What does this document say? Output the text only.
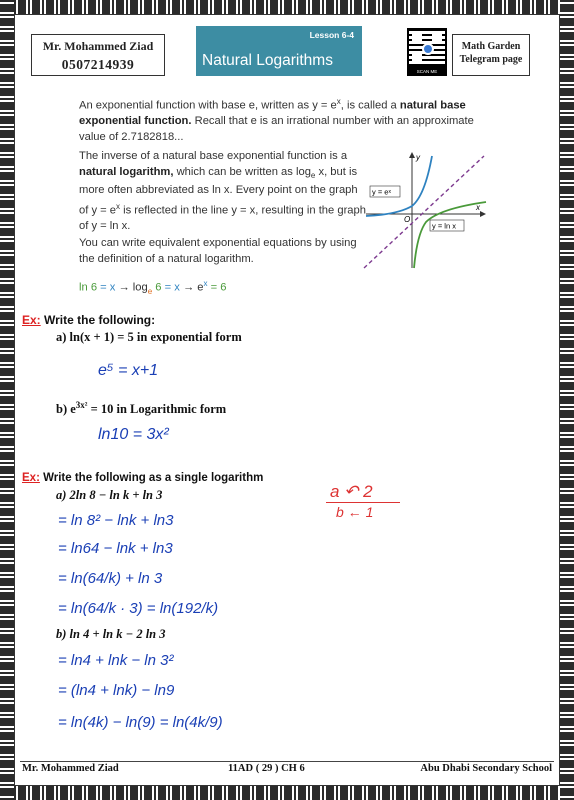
Mr. Mohammed Ziad
0507214939
Lesson 6-4
Natural Logarithms
SCAN ME
Math Garden
Telegram page
An exponential function with base e, written as $y = e^x$, is called a natural base exponential function. Recall that e is an irrational number with an approximate value of 2.7182818...
The inverse of a natural base exponential function is a natural logarithm, which can be written as $\log_e x$, but is more often abbreviated as ln x. Every point on the graph of $y = e^x$ is reflected in the line y = x, resulting in the graph of y = ln x.
You can write equivalent exponential equations by using the definition of a natural logarithm.
$\ln 6 = x \to \log_e 6 = x \to e^x = 6$
y = eˣ
y = ln x
y
x
O
Ex: Write the following:
a) ln(x + 1) = 5 in exponential form
e⁵ = x+1
b) $e^{3x^2} = 10$ in Logarithmic form
ln10 = 3x²
Ex: Write the following as a single logarithm
a) 2ln 8 − ln k + ln 3	a ↶ 2
b ← 1
= ln 8² − lnk + ln3
= ln64 − lnk + ln3
= ln(64/k) + ln 3
= ln(64/k · 3) = ln(192/k)
b) ln 4 + ln k − 2 ln 3
= ln4 + lnk − ln 3²
= (ln4 + lnk) − ln9
= ln(4k) − ln(9) = ln(4k/9)
Mr. Mohammed Ziad	11AD ( 29 ) CH 6	Abu Dhabi Secondary School
